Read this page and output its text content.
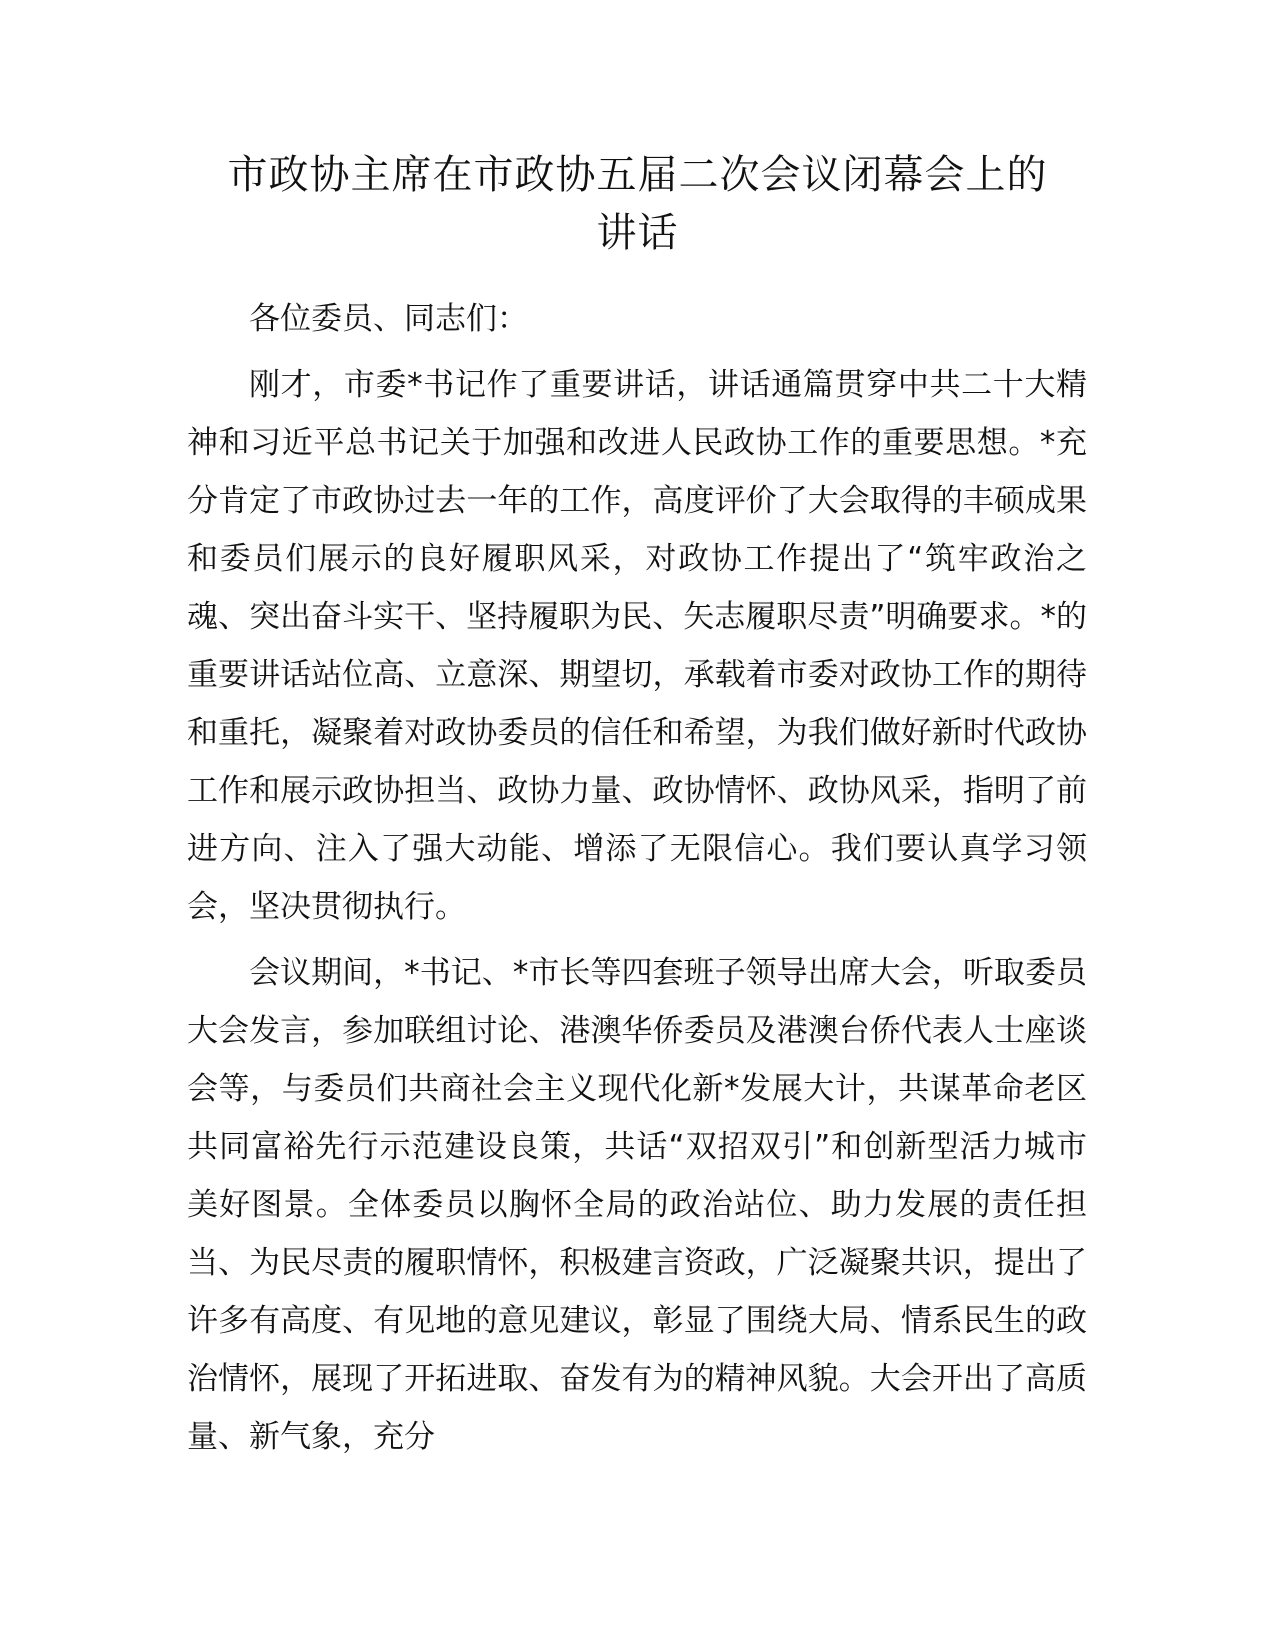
市政协主席在市政协五届二次会议闭幕会上的
讲话

各位委员、同志们：

刚才，市委*书记作了重要讲话，讲话通篇贯穿中共二十大精神和习近平总书记关于加强和改进人民政协工作的重要思想。*充分肯定了市政协过去一年的工作，高度评价了大会取得的丰硕成果和委员们展示的良好履职风采，对政协工作提出了“筑牢政治之魂、突出奋斗实干、坚持履职为民、矢志履职尽责”明确要求。*的重要讲话站位高、立意深、期望切，承载着市委对政协工作的期待和重托，凝聚着对政协委员的信任和希望，为我们做好新时代政协工作和展示政协担当、政协力量、政协情怀、政协风采，指明了前进方向、注入了强大动能、增添了无限信心。我们要认真学习领会，坚决贯彻执行。

会议期间，*书记、*市长等四套班子领导出席大会，听取委员大会发言，参加联组讨论、港澳华侨委员及港澳台侨代表人士座谈会等，与委员们共商社会主义现代化新*发展大计，共谋革命老区共同富裕先行示范建设良策，共话“双招双引”和创新型活力城市美好图景。全体委员以胸怀全局的政治站位、助力发展的责任担当、为民尽责的履职情怀，积极建言资政，广泛凝聚共识，提出了许多有高度、有见地的意见建议，彰显了围绕大局、情系民生的政治情怀，展现了开拓进取、奋发有为的精神风貌。大会开出了高质量、新气象，充分
